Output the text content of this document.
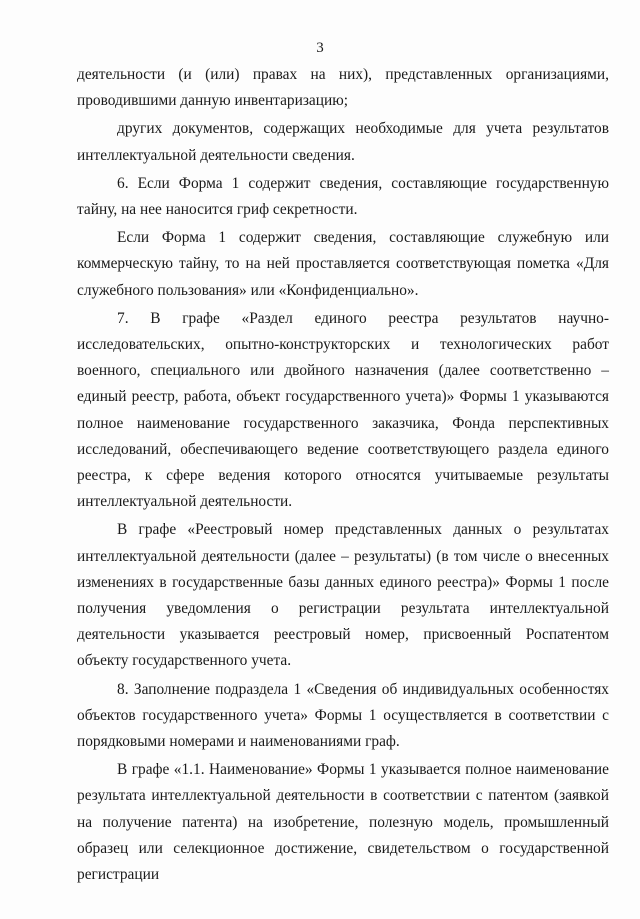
3

деятельности (и (или) правах на них), представленных организациями, проводившими данную инвентаризацию;

других документов, содержащих необходимые для учета результатов интеллектуальной деятельности сведения.

6. Если Форма 1 содержит сведения, составляющие государственную тайну, на нее наносится гриф секретности.

Если Форма 1 содержит сведения, составляющие служебную или коммерческую тайну, то на ней проставляется соответствующая пометка «Для служебного пользования» или «Конфиденциально».

7. В графе «Раздел единого реестра результатов научно-исследовательских, опытно-конструкторских и технологических работ военного, специального или двойного назначения (далее соответственно – единый реестр, работа, объект государственного учета)» Формы 1 указываются полное наименование государственного заказчика, Фонда перспективных исследований, обеспечивающего ведение соответствующего раздела единого реестра, к сфере ведения которого относятся учитываемые результаты интеллектуальной деятельности.

В графе «Реестровый номер представленных данных о результатах интеллектуальной деятельности (далее – результаты) (в том числе о внесенных изменениях в государственные базы данных единого реестра)» Формы 1 после получения уведомления о регистрации результата интеллектуальной деятельности указывается реестровый номер, присвоенный Роспатентом объекту государственного учета.

8. Заполнение подраздела 1 «Сведения об индивидуальных особенностях объектов государственного учета» Формы 1 осуществляется в соответствии с порядковыми номерами и наименованиями граф.

В графе «1.1. Наименование» Формы 1 указывается полное наименование результата интеллектуальной деятельности в соответствии с патентом (заявкой на получение патента) на изобретение, полезную модель, промышленный образец или селекционное достижение, свидетельством о государственной регистрации
